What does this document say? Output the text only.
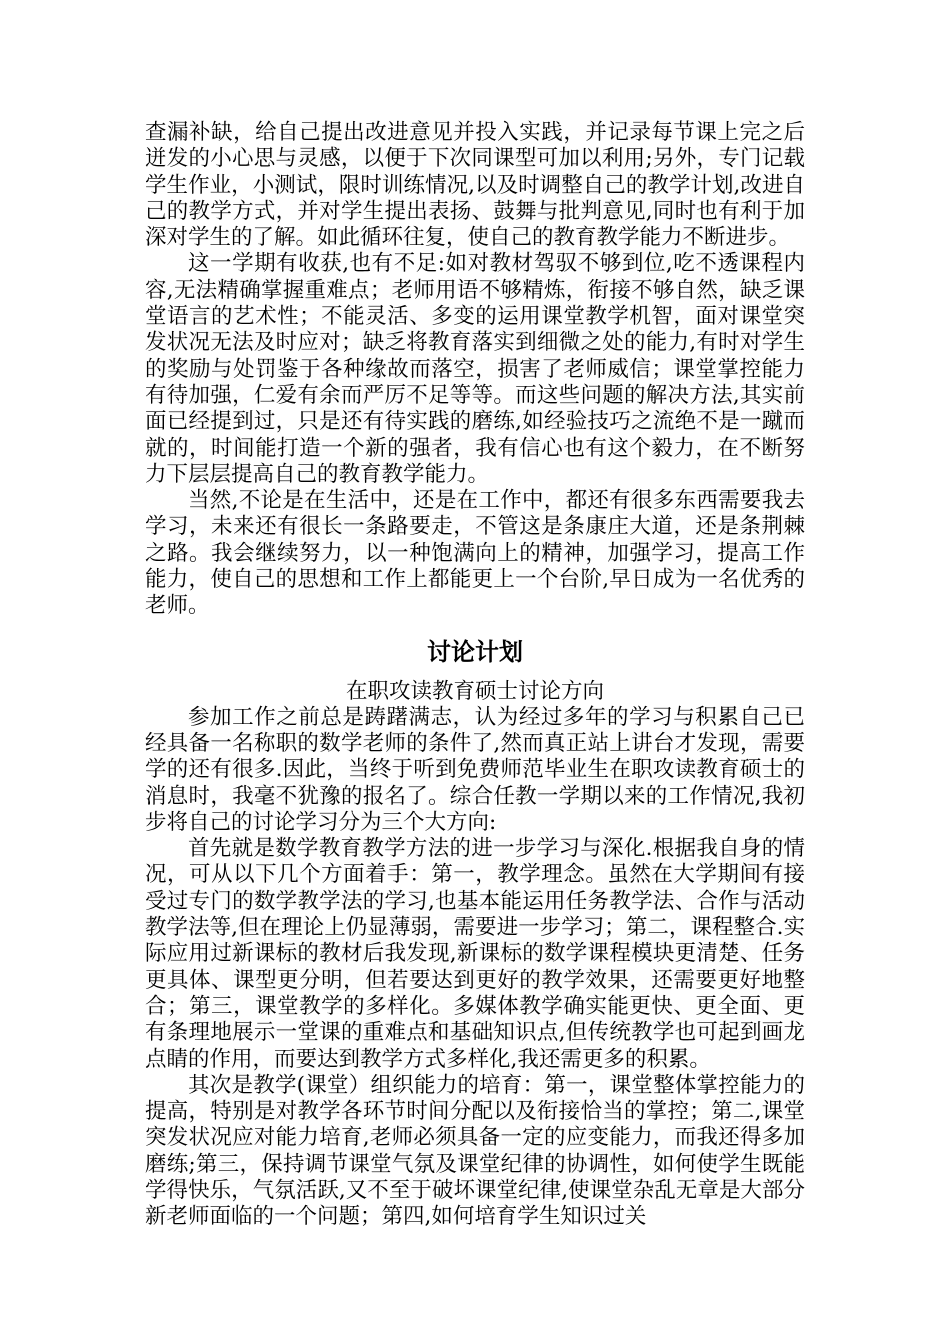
查漏补缺，给自己提出改进意见并投入实践，并记录每节课上完之后迸发的小心思与灵感，以便于下次同课型可加以利用;另外，专门记载学生作业，小测试，限时训练情况,以及时调整自己的教学计划,改进自己的教学方式，并对学生提出表扬、鼓舞与批判意见,同时也有利于加深对学生的了解。如此循环往复，使自己的教育教学能力不断进步。

这一学期有收获,也有不足:如对教材驾驭不够到位,吃不透课程内容,无法精确掌握重难点；老师用语不够精炼，衔接不够自然，缺乏课堂语言的艺术性；不能灵活、多变的运用课堂教学机智，面对课堂突发状况无法及时应对；缺乏将教育落实到细微之处的能力,有时对学生的奖励与处罚鉴于各种缘故而落空，损害了老师威信；课堂掌控能力有待加强，仁爱有余而严厉不足等等。而这些问题的解决方法,其实前面已经提到过，只是还有待实践的磨练,如经验技巧之流绝不是一蹴而就的，时间能打造一个新的强者，我有信心也有这个毅力，在不断努力下层层提高自己的教育教学能力。

当然,不论是在生活中，还是在工作中，都还有很多东西需要我去学习，未来还有很长一条路要走，不管这是条康庄大道，还是条荆棘之路。我会继续努力，以一种饱满向上的精神，加强学习，提高工作能力，使自己的思想和工作上都能更上一个台阶,早日成为一名优秀的老师。

讨论计划
在职攻读教育硕士讨论方向

参加工作之前总是踌躇满志，认为经过多年的学习与积累自己已经具备一名称职的数学老师的条件了,然而真正站上讲台才发现，需要学的还有很多.因此，当终于听到免费师范毕业生在职攻读教育硕士的消息时，我毫不犹豫的报名了。综合任教一学期以来的工作情况,我初步将自己的讨论学习分为三个大方向:

首先就是数学教育教学方法的进一步学习与深化.根据我自身的情况，可从以下几个方面着手：第一，教学理念。虽然在大学期间有接受过专门的数学教学法的学习,也基本能运用任务教学法、合作与活动教学法等,但在理论上仍显薄弱，需要进一步学习；第二，课程整合.实际应用过新课标的教材后我发现,新课标的数学课程模块更清楚、任务更具体、课型更分明，但若要达到更好的教学效果，还需要更好地整合；第三，课堂教学的多样化。多媒体教学确实能更快、更全面、更有条理地展示一堂课的重难点和基础知识点,但传统教学也可起到画龙点睛的作用，而要达到教学方式多样化,我还需更多的积累。

其次是教学(课堂）组织能力的培育：第一，课堂整体掌控能力的提高，特别是对教学各环节时间分配以及衔接恰当的掌控；第二,课堂突发状况应对能力培育,老师必须具备一定的应变能力，而我还得多加磨练;第三，保持调节课堂气氛及课堂纪律的协调性，如何使学生既能学得快乐，气氛活跃,又不至于破坏课堂纪律,使课堂杂乱无章是大部分新老师面临的一个问题；第四,如何培育学生知识过关
